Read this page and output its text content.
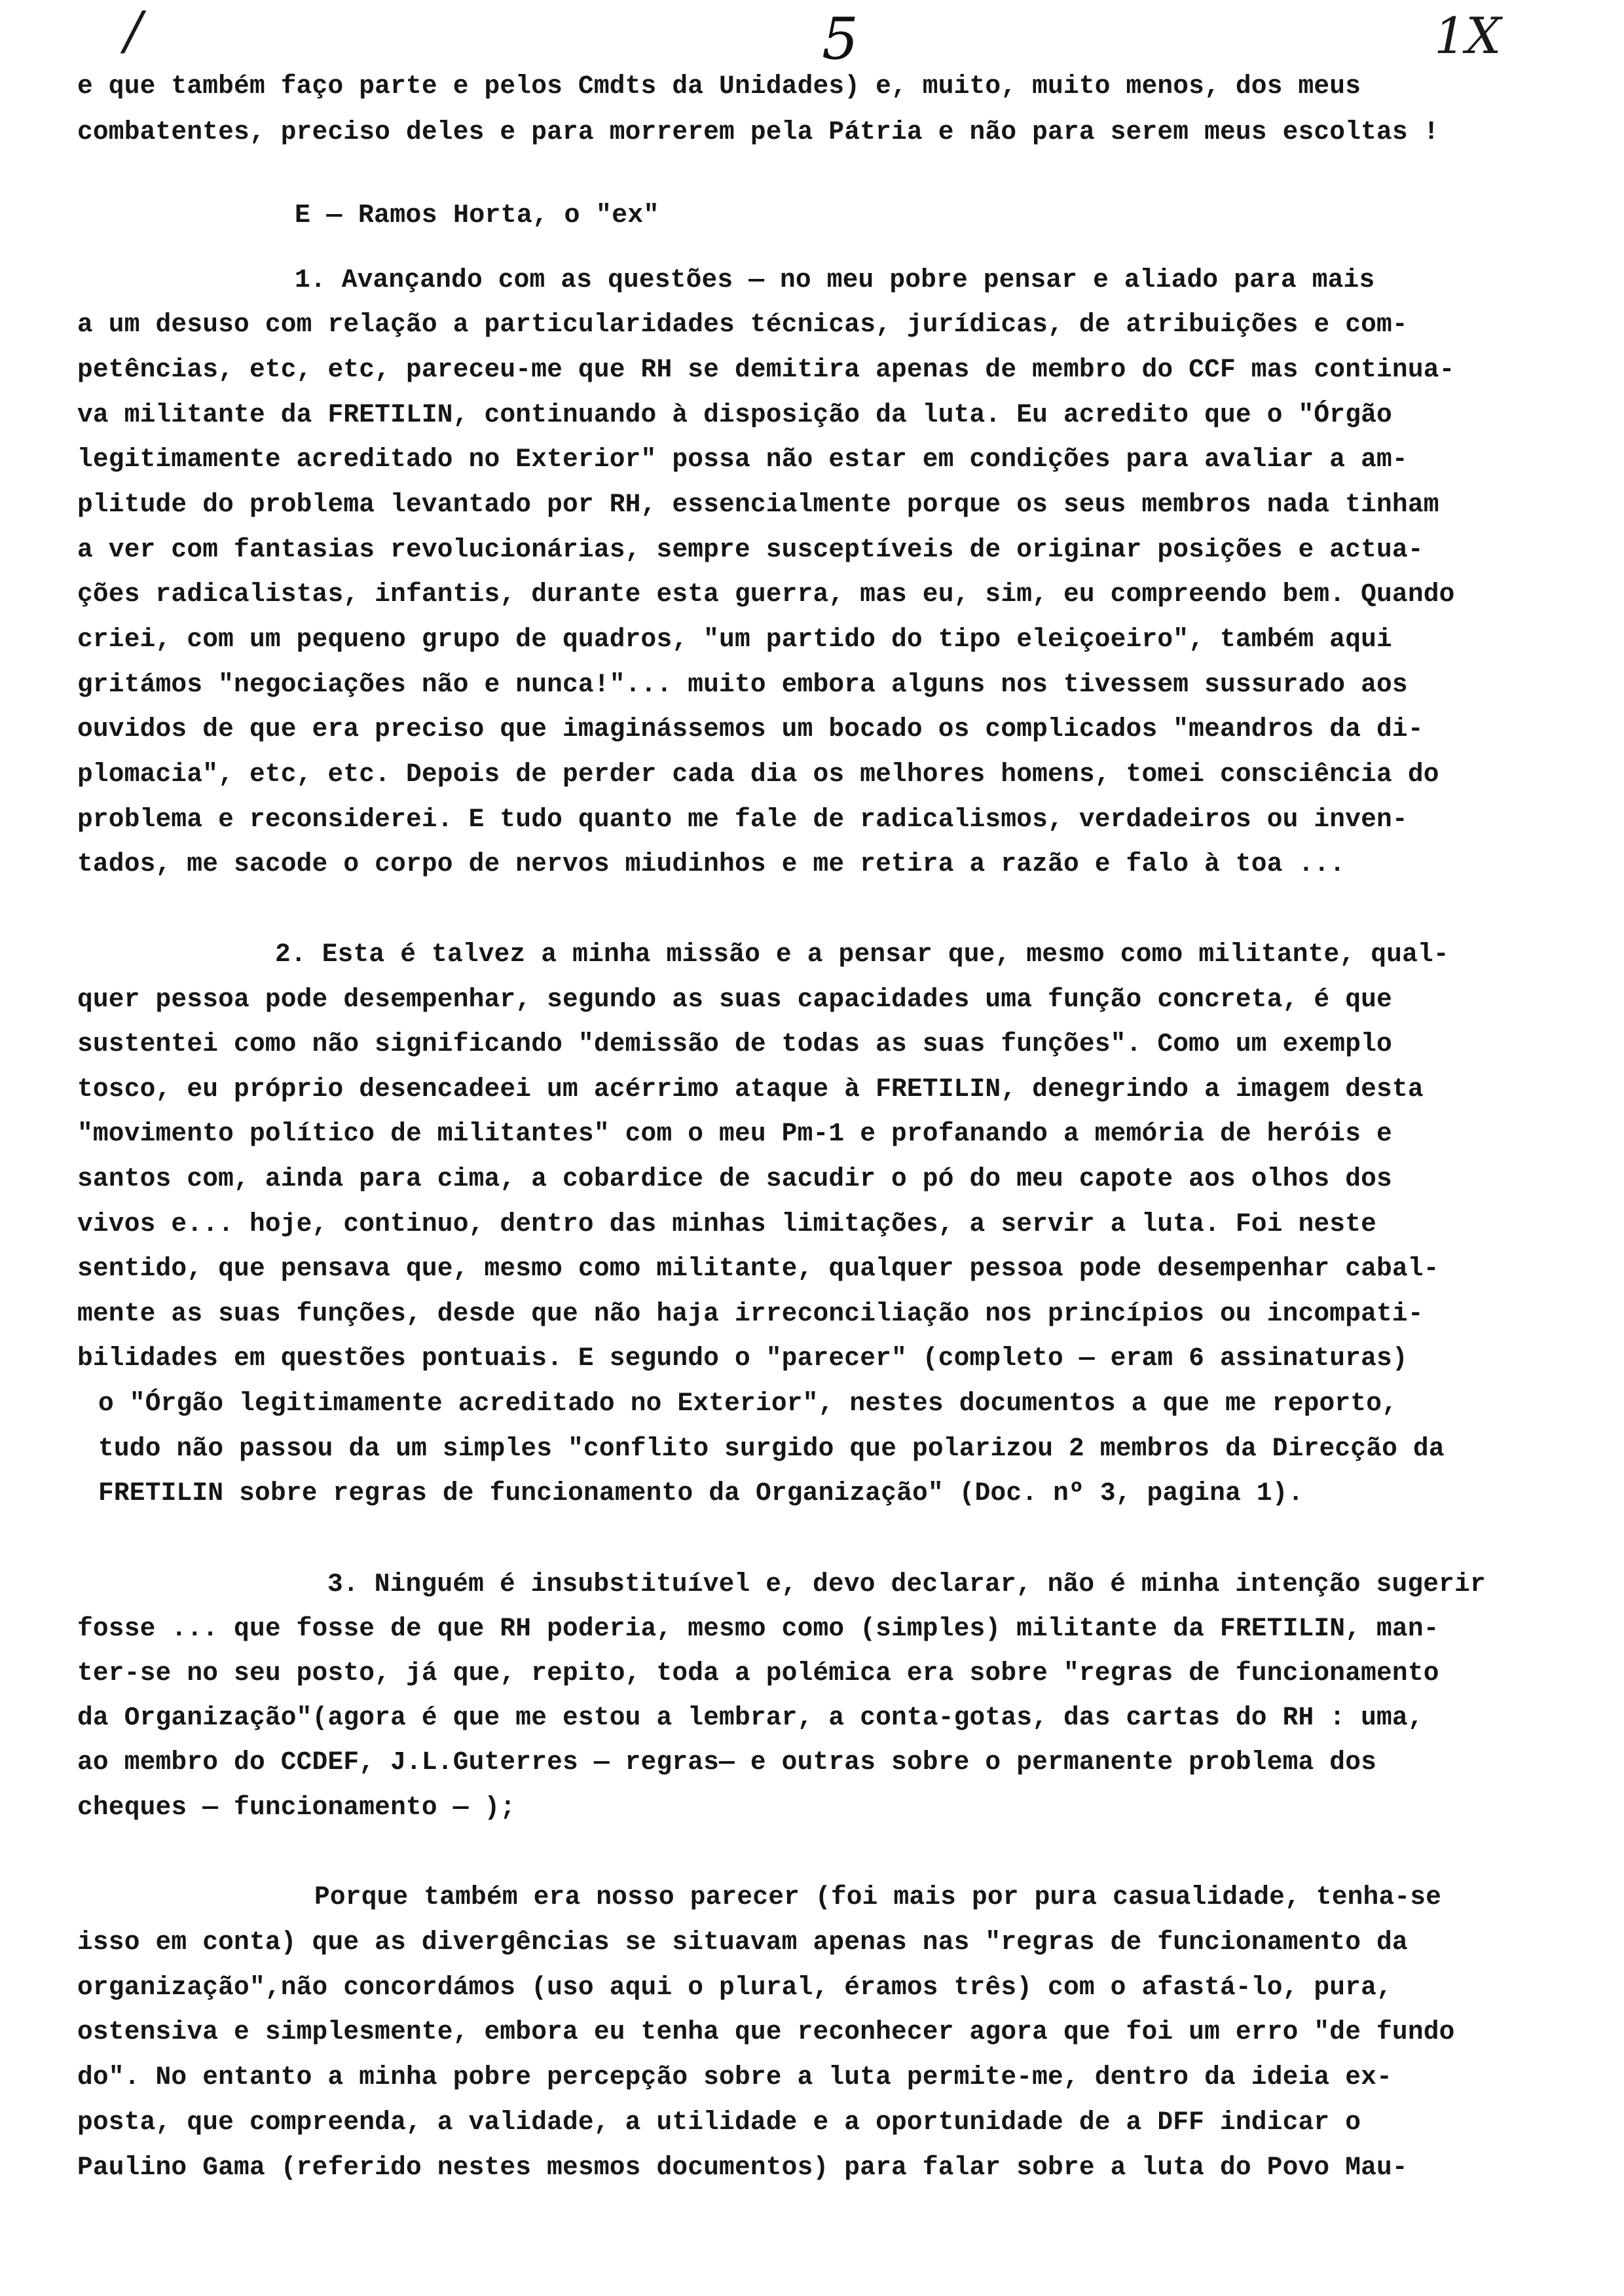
/	5	1X
e que também faço parte e pelos Cmdts da Unidades) e, muito, muito menos, dos meus
combatentes, preciso deles e para morrerem pela Pátria e não para serem meus escoltas !
E — Ramos Horta, o "ex"
1. Avançando com as questões — no meu pobre pensar e aliado para mais
a um desuso com relação a particularidades técnicas, jurídicas, de atribuições e com-
petências, etc, etc, pareceu-me que RH se demitira apenas de membro do CCF mas continua-
va militante da FRETILIN, continuando à disposição da luta. Eu acredito que o "Órgão
legitimamente acreditado no Exterior" possa não estar em condições para avaliar a am-
plitude do problema levantado por RH, essencialmente porque os seus membros nada tinham
a ver com fantasias revolucionárias, sempre susceptíveis de originar posições e actua-
ções radicalistas, infantis, durante esta guerra, mas eu, sim, eu compreendo bem. Quando
criei, com um pequeno grupo de quadros, "um partido do tipo eleiçoeiro", também aqui
gritámos "negociações não e nunca!"... muito embora alguns nos tivessem sussurado aos
ouvidos de que era preciso que imaginássemos um bocado os complicados "meandros da di-
plomacia", etc, etc. Depois de perder cada dia os melhores homens, tomei consciência do
problema e reconsiderei. E tudo quanto me fale de radicalismos, verdadeiros ou inven-
tados, me sacode o corpo de nervos miudinhos e me retira a razão e falo à toa ...
2. Esta é talvez a minha missão e a pensar que, mesmo como militante, qual-
quer pessoa pode desempenhar, segundo as suas capacidades uma função concreta, é que
sustentei como não significando "demissão de todas as suas funções". Como um exemplo
tosco, eu próprio desencadeei um acérrimo ataque à FRETILIN, denegrindo a imagem desta
"movimento político de militantes" com o meu Pm-1 e profanando a memória de heróis e
santos com, ainda para cima, a cobardice de sacudir o pó do meu capote aos olhos dos
vivos e... hoje, continuo, dentro das minhas limitações, a servir a luta. Foi neste
sentido, que pensava que, mesmo como militante, qualquer pessoa pode desempenhar cabal-
mente as suas funções, desde que não haja irreconciliação nos princípios ou incompati-
bilidades em questões pontuais. E segundo o "parecer" (completo — eram 6 assinaturas)
o "Órgão legitimamente acreditado no Exterior", nestes documentos a que me reporto,
tudo não passou da um simples "conflito surgido que polarizou 2 membros da Direcção da
FRETILIN sobre regras de funcionamento da Organização" (Doc. nº 3, pagina 1).
3. Ninguém é insubstituível e, devo declarar, não é minha intenção sugerir
fosse ... que fosse de que RH poderia, mesmo como (simples) militante da FRETILIN, man-
ter-se no seu posto, já que, repito, toda a polémica era sobre "regras de funcionamento
da Organização"(agora é que me estou a lembrar, a conta-gotas, das cartas do RH : uma,
ao membro do CCDEF, J.L.Guterres — regras— e outras sobre o permanente problema dos
cheques — funcionamento — );
Porque também era nosso parecer (foi mais por pura casualidade, tenha-se
isso em conta) que as divergências se situavam apenas nas "regras de funcionamento da
organização",não concordámos (uso aqui o plural, éramos três) com o afastá-lo, pura,
ostensiva e simplesmente, embora eu tenha que reconhecer agora que foi um erro "de fundo
do". No entanto a minha pobre percepção sobre a luta permite-me, dentro da ideia ex-
posta, que compreenda, a validade, a utilidade e a oportunidade de a DFF indicar o
Paulino Gama (referido nestes mesmos documentos) para falar sobre a luta do Povo Mau-
